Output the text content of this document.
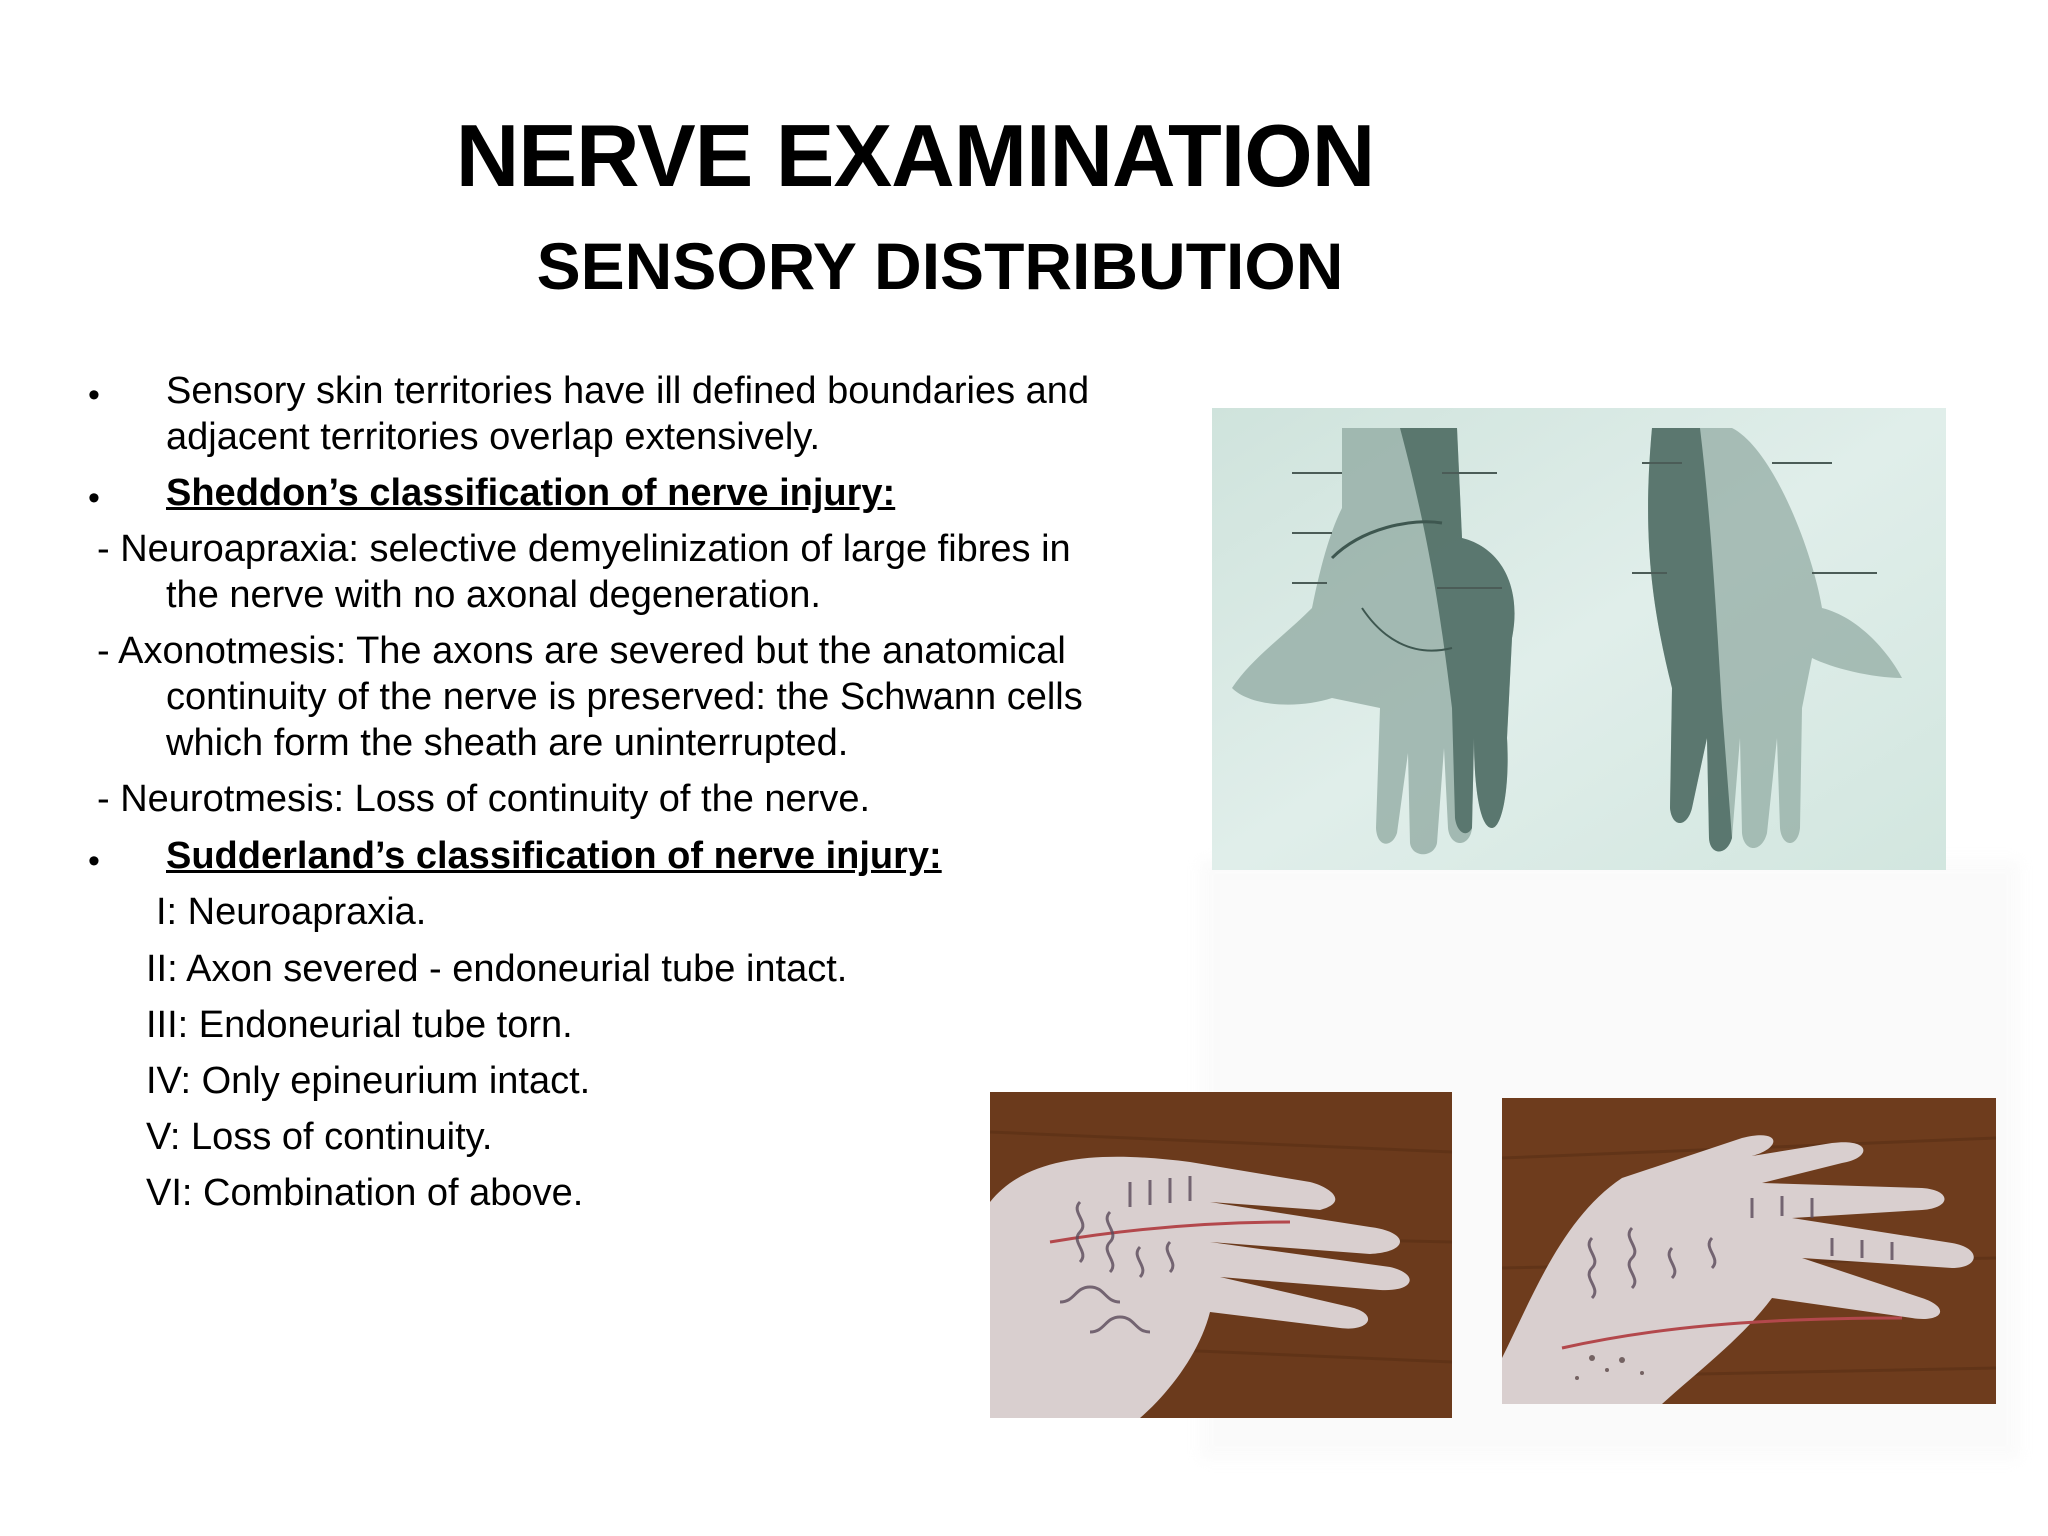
NERVE EXAMINATION
SENSORY DISTRIBUTION
• Sensory skin territories have ill defined boundaries and
adjacent territories overlap extensively.
• Sheddon’s classification of nerve injury:
- Neuroapraxia: selective demyelinization of large fibres in
the nerve with no axonal degeneration.
- Axonotmesis: The axons are severed but the anatomical
continuity of the nerve is preserved: the Schwann cells
which form the sheath are uninterrupted.
- Neurotmesis: Loss of continuity of the nerve.
• Sudderland’s classification of nerve injury:
I: Neuroapraxia.
II: Axon severed - endoneurial tube intact.
III: Endoneurial tube torn.
IV: Only epineurium intact.
V: Loss of continuity.
VI: Combination of above.
